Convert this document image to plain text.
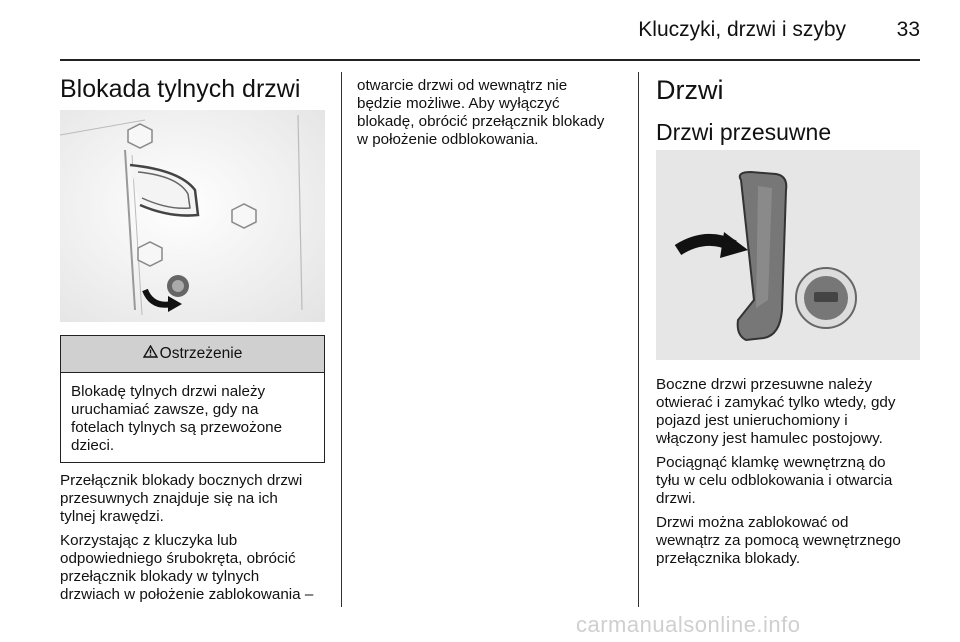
Kluczyki, drzwi i szyby	33
Blokada tylnych drzwi
Ostrzeżenie
Blokadę tylnych drzwi należy
uruchamiać zawsze, gdy na
fotelach tylnych są przewożone
dzieci.

Przełącznik blokady bocznych drzwi
przesuwnych znajduje się na ich
tylnej krawędzi.

Korzystając z kluczyka lub
odpowiedniego śrubokręta, obrócić
przełącznik blokady w tylnych
drzwiach w położenie zablokowania –

otwarcie drzwi od wewnątrz nie
będzie możliwe. Aby wyłączyć
blokadę, obrócić przełącznik blokady
w położenie odblokowania.

Drzwi
Drzwi przesuwne

Boczne drzwi przesuwne należy
otwierać i zamykać tylko wtedy, gdy
pojazd jest unieruchomiony i
włączony jest hamulec postojowy.

Pociągnąć klamkę wewnętrzną do
tyłu w celu odblokowania i otwarcia
drzwi.

Drzwi można zablokować od
wewnątrz za pomocą wewnętrznego
przełącznika blokady.

carmanualsonline.info
